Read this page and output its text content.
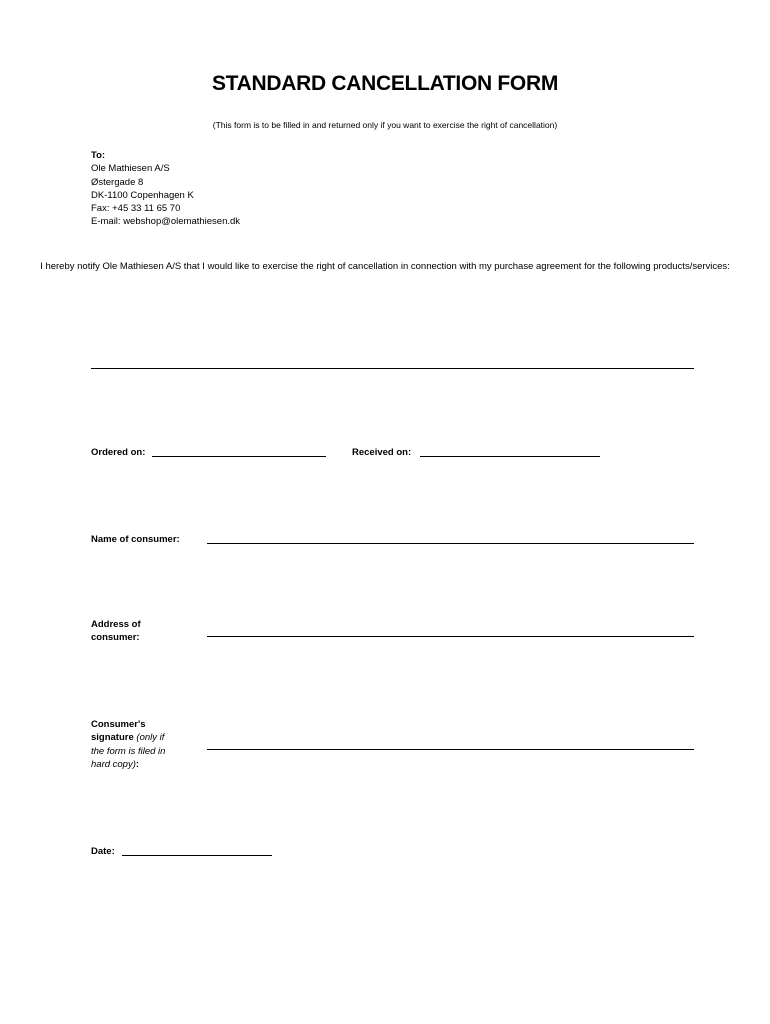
STANDARD CANCELLATION FORM
(This form is to be filled in and returned only if you want to exercise the right of cancellation)
To:
Ole Mathiesen A/S
Østergade 8
DK-1100 Copenhagen K
Fax: +45 33 11 65 70
E-mail: webshop@olemathiesen.dk
I hereby notify Ole Mathiesen A/S that I would like to exercise the right of cancellation in connection with my purchase agreement for the following products/services:
Ordered on:	Received on:
Name of consumer:
Address of
consumer:
Consumer's
signature (only if
the form is filed in
hard copy):
Date:
